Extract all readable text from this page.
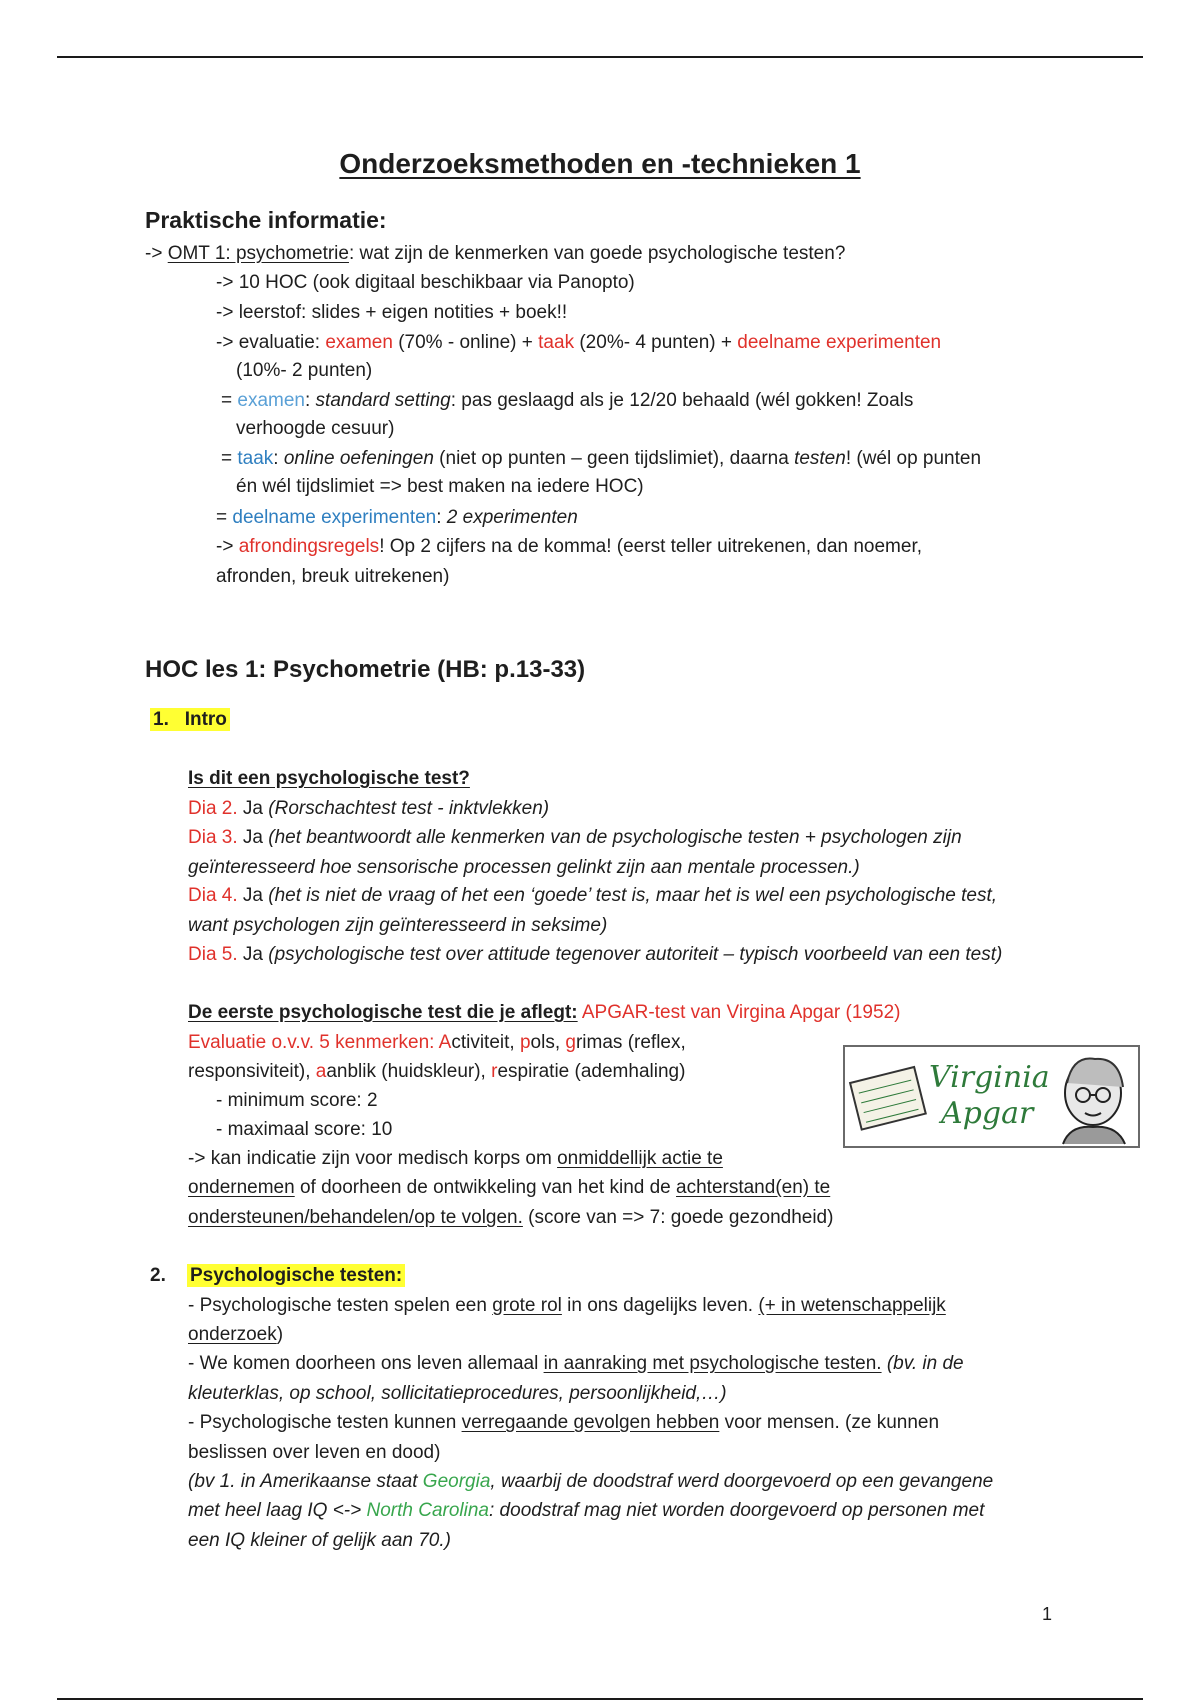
Onderzoeksmethoden en -technieken 1
Praktische informatie:
-> OMT 1: psychometrie: wat zijn de kenmerken van goede psychologische testen?
-> 10 HOC (ook digitaal beschikbaar via Panopto)
-> leerstof: slides + eigen notities + boek!!
-> evaluatie: examen (70% - online) + taak (20%- 4 punten) + deelname experimenten
(10%- 2 punten)
= examen: standard setting: pas geslaagd als je 12/20 behaald (wél gokken! Zoals
verhoogde cesuur)
= taak: online oefeningen (niet op punten – geen tijdslimiet), daarna testen! (wél op punten
én wél tijdslimiet => best maken na iedere HOC)
= deelname experimenten: 2 experimenten
-> afrondingsregels! Op 2 cijfers na de komma! (eerst teller uitrekenen, dan noemer,
afronden, breuk uitrekenen)
HOC les 1: Psychometrie (HB: p.13-33)
1. Intro
Is dit een psychologische test?
Dia 2. Ja (Rorschachtest test - inktvlekken)
Dia 3. Ja (het beantwoordt alle kenmerken van de psychologische testen + psychologen zijn
geïnteresseerd hoe sensorische processen gelinkt zijn aan mentale processen.)
Dia 4. Ja (het is niet de vraag of het een ‘goede’ test is, maar het is wel een psychologische test,
want psychologen zijn geïnteresseerd in seksime)
Dia 5. Ja (psychologische test over attitude tegenover autoriteit – typisch voorbeeld van een test)
De eerste psychologische test die je aflegt: APGAR-test van Virgina Apgar (1952)
Evaluatie o.v.v. 5 kenmerken: Activiteit, pols, grimas (reflex,
responsiviteit), aanblik (huidskleur), respiratie (ademhaling)
- minimum score: 2
- maximaal score: 10
-> kan indicatie zijn voor medisch korps om onmiddellijk actie te
ondernemen of doorheen de ontwikkeling van het kind de achterstand(en) te
ondersteunen/behandelen/op te volgen. (score van => 7: goede gezondheid)
Virginia
Apgar
2. Psychologische testen:
- Psychologische testen spelen een grote rol in ons dagelijks leven. (+ in wetenschappelijk
onderzoek)
- We komen doorheen ons leven allemaal in aanraking met psychologische testen. (bv. in de
kleuterklas, op school, sollicitatieprocedures, persoonlijkheid,…)
- Psychologische testen kunnen verregaande gevolgen hebben voor mensen. (ze kunnen
beslissen over leven en dood)
(bv 1. in Amerikaanse staat Georgia, waarbij de doodstraf werd doorgevoerd op een gevangene
met heel laag IQ <-> North Carolina: doodstraf mag niet worden doorgevoerd op personen met
een IQ kleiner of gelijk aan 70.)
1
